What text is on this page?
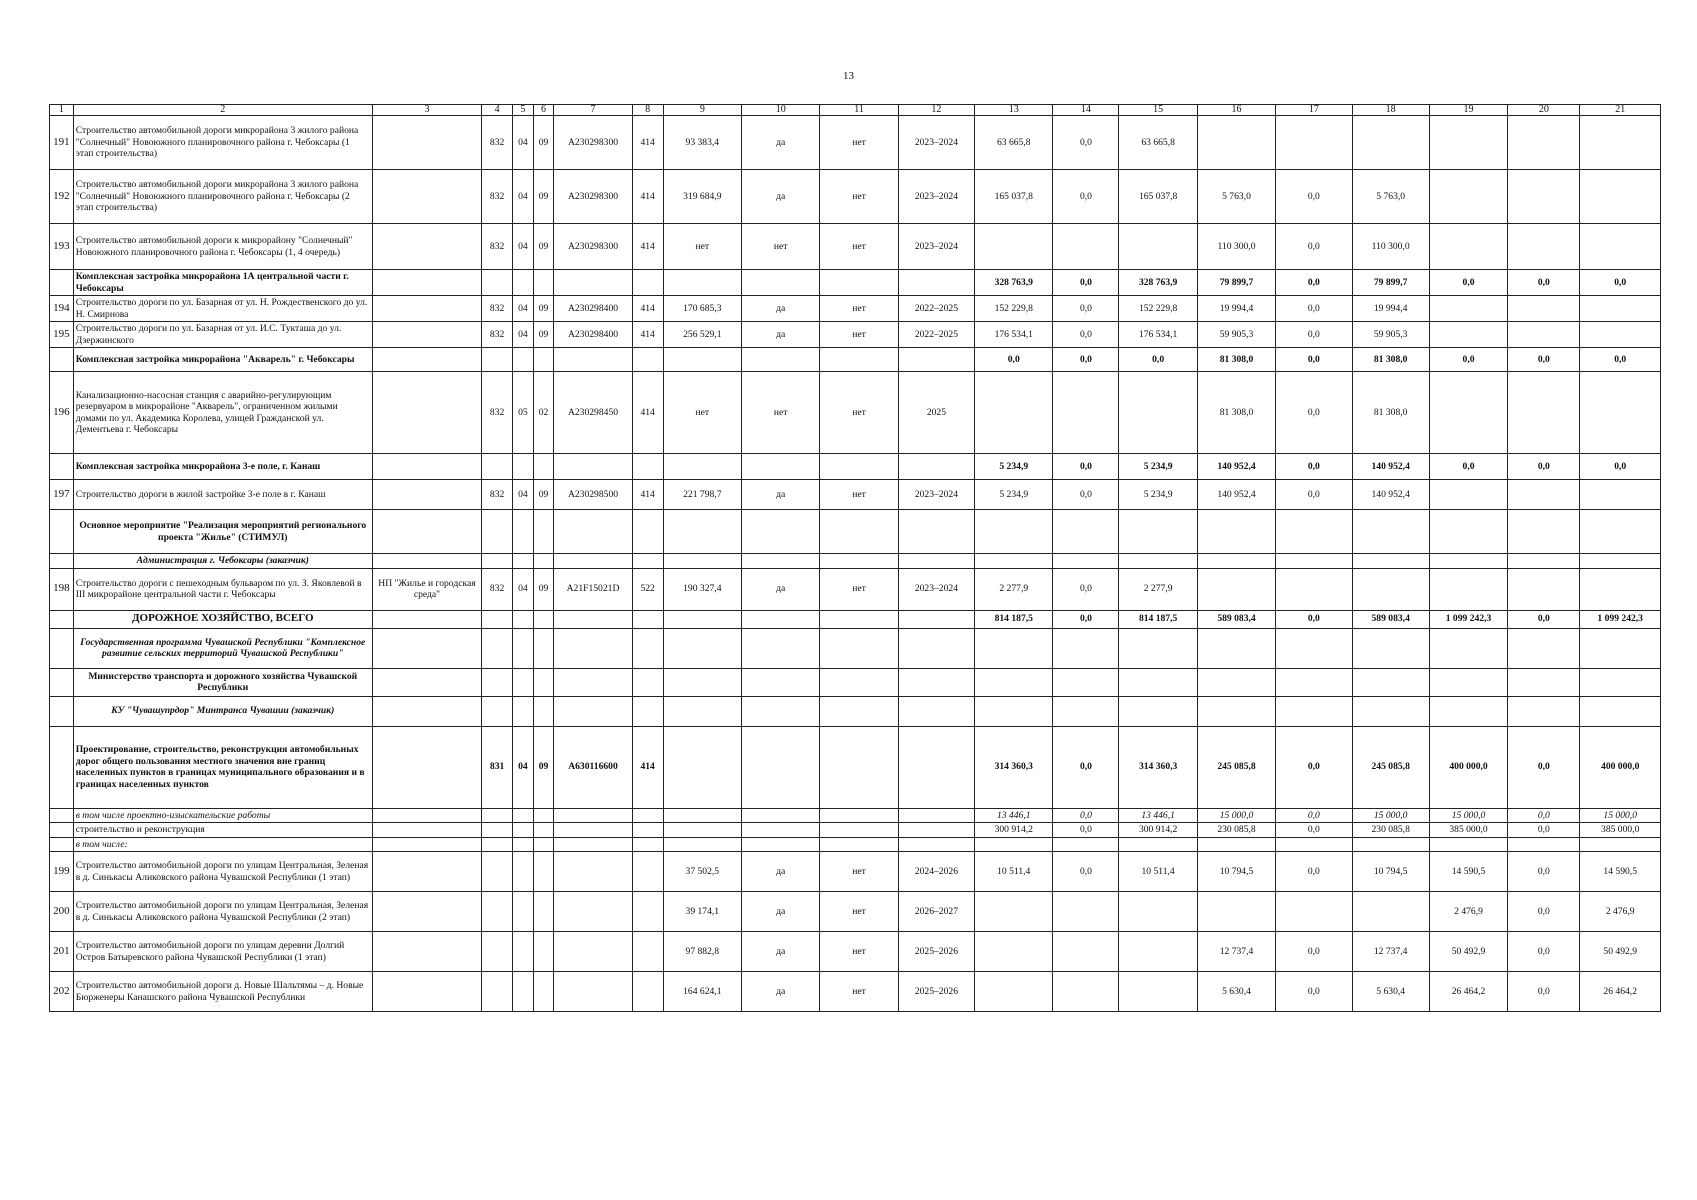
13
1	2	3	4	5	6	7	8	9	10	11	12	13	14	15	16	17	18	19	20	21
191	Строительство автомобильной дороги микрорайона 3 жилого района "Солнечный" Новоюжного планировочного района г. Чебоксары (1 этап строительства)		832	04	09	A230298300	414	93 383,4	да	нет	2023–2024	63 665,8	0,0	63 665,8						
192	Строительство автомобильной дороги микрорайона 3 жилого района "Солнечный" Новоюжного планировочного района г. Чебоксары (2 этап строительства)		832	04	09	A230298300	414	319 684,9	да	нет	2023–2024	165 037,8	0,0	165 037,8	5 763,0	0,0	5 763,0			
193	Строительство автомобильной дороги к микрорайону "Солнечный" Новоюжного планировочного района г. Чебоксары (1, 4 очередь)		832	04	09	A230298300	414	нет	нет	нет	2023–2024				110 300,0	0,0	110 300,0			
	Комплексная застройка микрорайона 1А центральной части г. Чебоксары											328 763,9	0,0	328 763,9	79 899,7	0,0	79 899,7	0,0	0,0	0,0
194	Строительство дороги по ул. Базарная от ул. Н. Рождественского до ул. Н. Смирнова		832	04	09	A230298400	414	170 685,3	да	нет	2022–2025	152 229,8	0,0	152 229,8	19 994,4	0,0	19 994,4			
195	Строительство дороги по ул. Базарная от ул. И.С. Тукташа до ул. Дзержинского		832	04	09	A230298400	414	256 529,1	да	нет	2022–2025	176 534,1	0,0	176 534,1	59 905,3	0,0	59 905,3			
	Комплексная застройка микрорайона "Акварель" г. Чебоксары											0,0	0,0	0,0	81 308,0	0,0	81 308,0	0,0	0,0	0,0
196	Канализационно-насосная станция с аварийно-регулирующим резервуаром в микрорайоне "Акварель", ограниченном жилыми домами по ул. Академика Королева, улицей Гражданской ул. Дементьева г. Чебоксары		832	05	02	A230298450	414	нет	нет	нет	2025				81 308,0	0,0	81 308,0			
	Комплексная застройка микрорайона 3-е поле, г. Канаш											5 234,9	0,0	5 234,9	140 952,4	0,0	140 952,4	0,0	0,0	0,0
197	Строительство дороги в жилой застройке 3-е поле в г. Канаш		832	04	09	A230298500	414	221 798,7	да	нет	2023–2024	5 234,9	0,0	5 234,9	140 952,4	0,0	140 952,4			
	Основное мероприятие "Реализация мероприятий регионального проекта "Жилье" (СТИМУЛ)																			
	Администрация г. Чебоксары (заказчик)																			
198	Строительство дороги с пешеходным бульваром по ул. З. Яковлевой в III микрорайоне центральной части г. Чебоксары	НП "Жилье и городская среда"	832	04	09	A21F15021D	522	190 327,4	да	нет	2023–2024	2 277,9	0,0	2 277,9						
	ДОРОЖНОЕ ХОЗЯЙСТВО, ВСЕГО											814 187,5	0,0	814 187,5	589 083,4	0,0	589 083,4	1 099 242,3	0,0	1 099 242,3
	Государственная программа Чувашской Республики "Комплексное развитие сельских территорий Чувашской Республики"																			
	Министерство транспорта и дорожного хозяйства Чувашской Республики																			
	КУ "Чувашупрдор" Минтранса Чувашии (заказчик)																			
	Проектирование, строительство, реконструкция автомобильных дорог общего пользования местного значения вне границ населенных пунктов в границах муниципального образования и в границах населенных пунктов		831	04	09	A630116600	414					314 360,3	0,0	314 360,3	245 085,8	0,0	245 085,8	400 000,0	0,0	400 000,0
	в том числе проектно-изыскательские работы											13 446,1	0,0	13 446,1	15 000,0	0,0	15 000,0	15 000,0	0,0	15 000,0
	строительство и реконструкция											300 914,2	0,0	300 914,2	230 085,8	0,0	230 085,8	385 000,0	0,0	385 000,0
	в том числе:																			
199	Строительство автомобильной дороги по улицам Центральная, Зеленая в д. Синькасы Аликовского района Чувашской Республики (1 этап)							37 502,5	да	нет	2024–2026	10 511,4	0,0	10 511,4	10 794,5	0,0	10 794,5	14 590,5	0,0	14 590,5
200	Строительство автомобильной дороги по улицам Центральная, Зеленая в д. Синькасы Аликовского района Чувашской Республики (2 этап)							39 174,1	да	нет	2026–2027							2 476,9	0,0	2 476,9
201	Строительство автомобильной дороги по улицам деревни Долгий Остров Батыревского района Чувашской Республики (1 этап)							97 882,8	да	нет	2025–2026				12 737,4	0,0	12 737,4	50 492,9	0,0	50 492,9
202	Строительство автомобильной дороги д. Новые Шальтямы – д. Новые Бюрженеры Канашского района Чувашской Республики							164 624,1	да	нет	2025–2026				5 630,4	0,0	5 630,4	26 464,2	0,0	26 464,2
